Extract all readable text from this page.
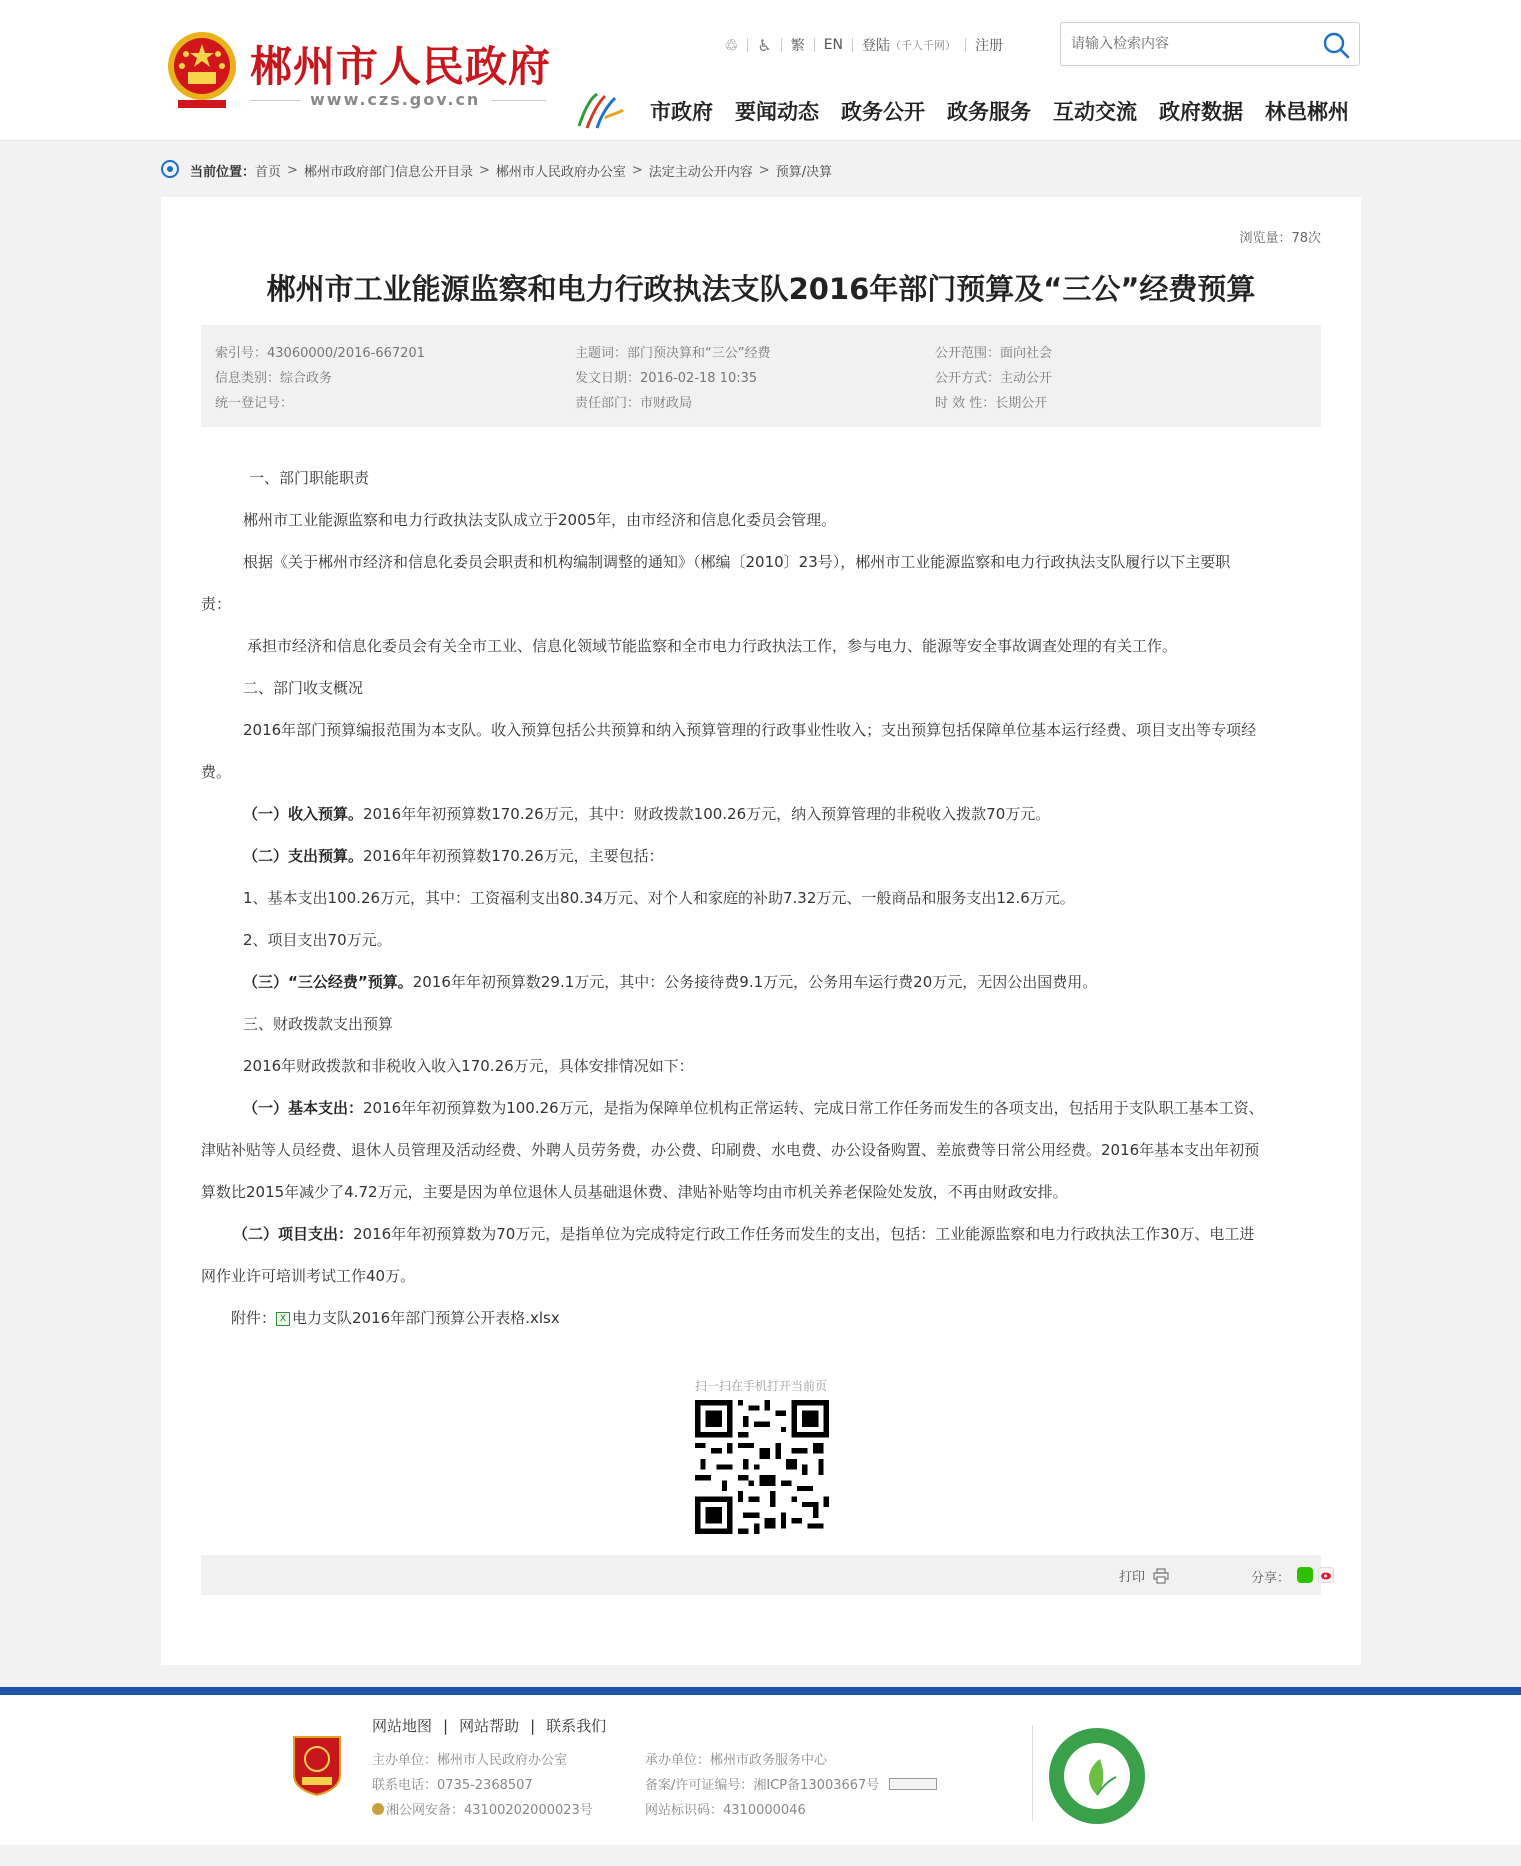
郴州市人民政府
www.czs.gov.cn
♲ ♿ 繁 EN 登陆 （千人千网） 注册
请输入检索内容
市政府 要闻动态 政务公开 政务服务 互动交流 政府数据 林邑郴州
当前位置： 首页 > 郴州市政府部门信息公开目录 > 郴州市人民政府办公室 > 法定主动公开内容 > 预算/决算
浏览量：78次
郴州市工业能源监察和电力行政执法支队2016年部门预算及“三公”经费预算
索引号：43060000/2016-667201
信息类别：综合政务
统一登记号：
主题词：部门预决算和“三公”经费
发文日期：2016-02-18 10:35
责任部门：市财政局
公开范围：面向社会
公开方式：主动公开
时 效 性：长期公开
一、部门职能职责
郴州市工业能源监察和电力行政执法支队成立于2005年，由市经济和信息化委员会管理。
根据《关于郴州市经济和信息化委员会职责和机构编制调整的通知》（郴编〔2010〕23号），郴州市工业能源监察和电力行政执法支队履行以下主要职
责：
承担市经济和信息化委员会有关全市工业、信息化领域节能监察和全市电力行政执法工作，参与电力、能源等安全事故调查处理的有关工作。
二、部门收支概况
2016年部门预算编报范围为本支队。收入预算包括公共预算和纳入预算管理的行政事业性收入；支出预算包括保障单位基本运行经费、项目支出等专项经
费。
（一）收入预算。2016年年初预算数170.26万元，其中：财政拨款100.26万元，纳入预算管理的非税收入拨款70万元。
（二）支出预算。2016年年初预算数170.26万元，主要包括：
1、基本支出100.26万元，其中：工资福利支出80.34万元、对个人和家庭的补助7.32万元、一般商品和服务支出12.6万元。
2、项目支出70万元。
（三）“三公经费”预算。2016年年初预算数29.1万元，其中：公务接待费9.1万元，公务用车运行费20万元，无因公出国费用。
三、财政拨款支出预算
2016年财政拨款和非税收入收入170.26万元，具体安排情况如下：
（一）基本支出：2016年年初预算数为100.26万元，是指为保障单位机构正常运转、完成日常工作任务而发生的各项支出，包括用于支队职工基本工资、
津贴补贴等人员经费、退休人员管理及活动经费、外聘人员劳务费，办公费、印刷费、水电费、办公设备购置、差旅费等日常公用经费。2016年基本支出年初预
算数比2015年减少了4.72万元，主要是因为单位退休人员基础退休费、津贴补贴等均由市机关养老保险处发放，不再由财政安排。
（二）项目支出：2016年年初预算数为70万元，是指单位为完成特定行政工作任务而发生的支出，包括：工业能源监察和电力行政执法工作30万、电工进
网作业许可培训考试工作40万。
附件： X 电力支队2016年部门预算公开表格.xlsx
扫一扫在手机打开当前页
打印	分享：
网站地图 | 网站帮助 | 联系我们
主办单位：郴州市人民政府办公室
联系电话：0735-2368507
湘公网安备：43100202000023号
承办单位：郴州市政务服务中心
备案/许可证编号：湘ICP备13003667号
网站标识码：4310000046
